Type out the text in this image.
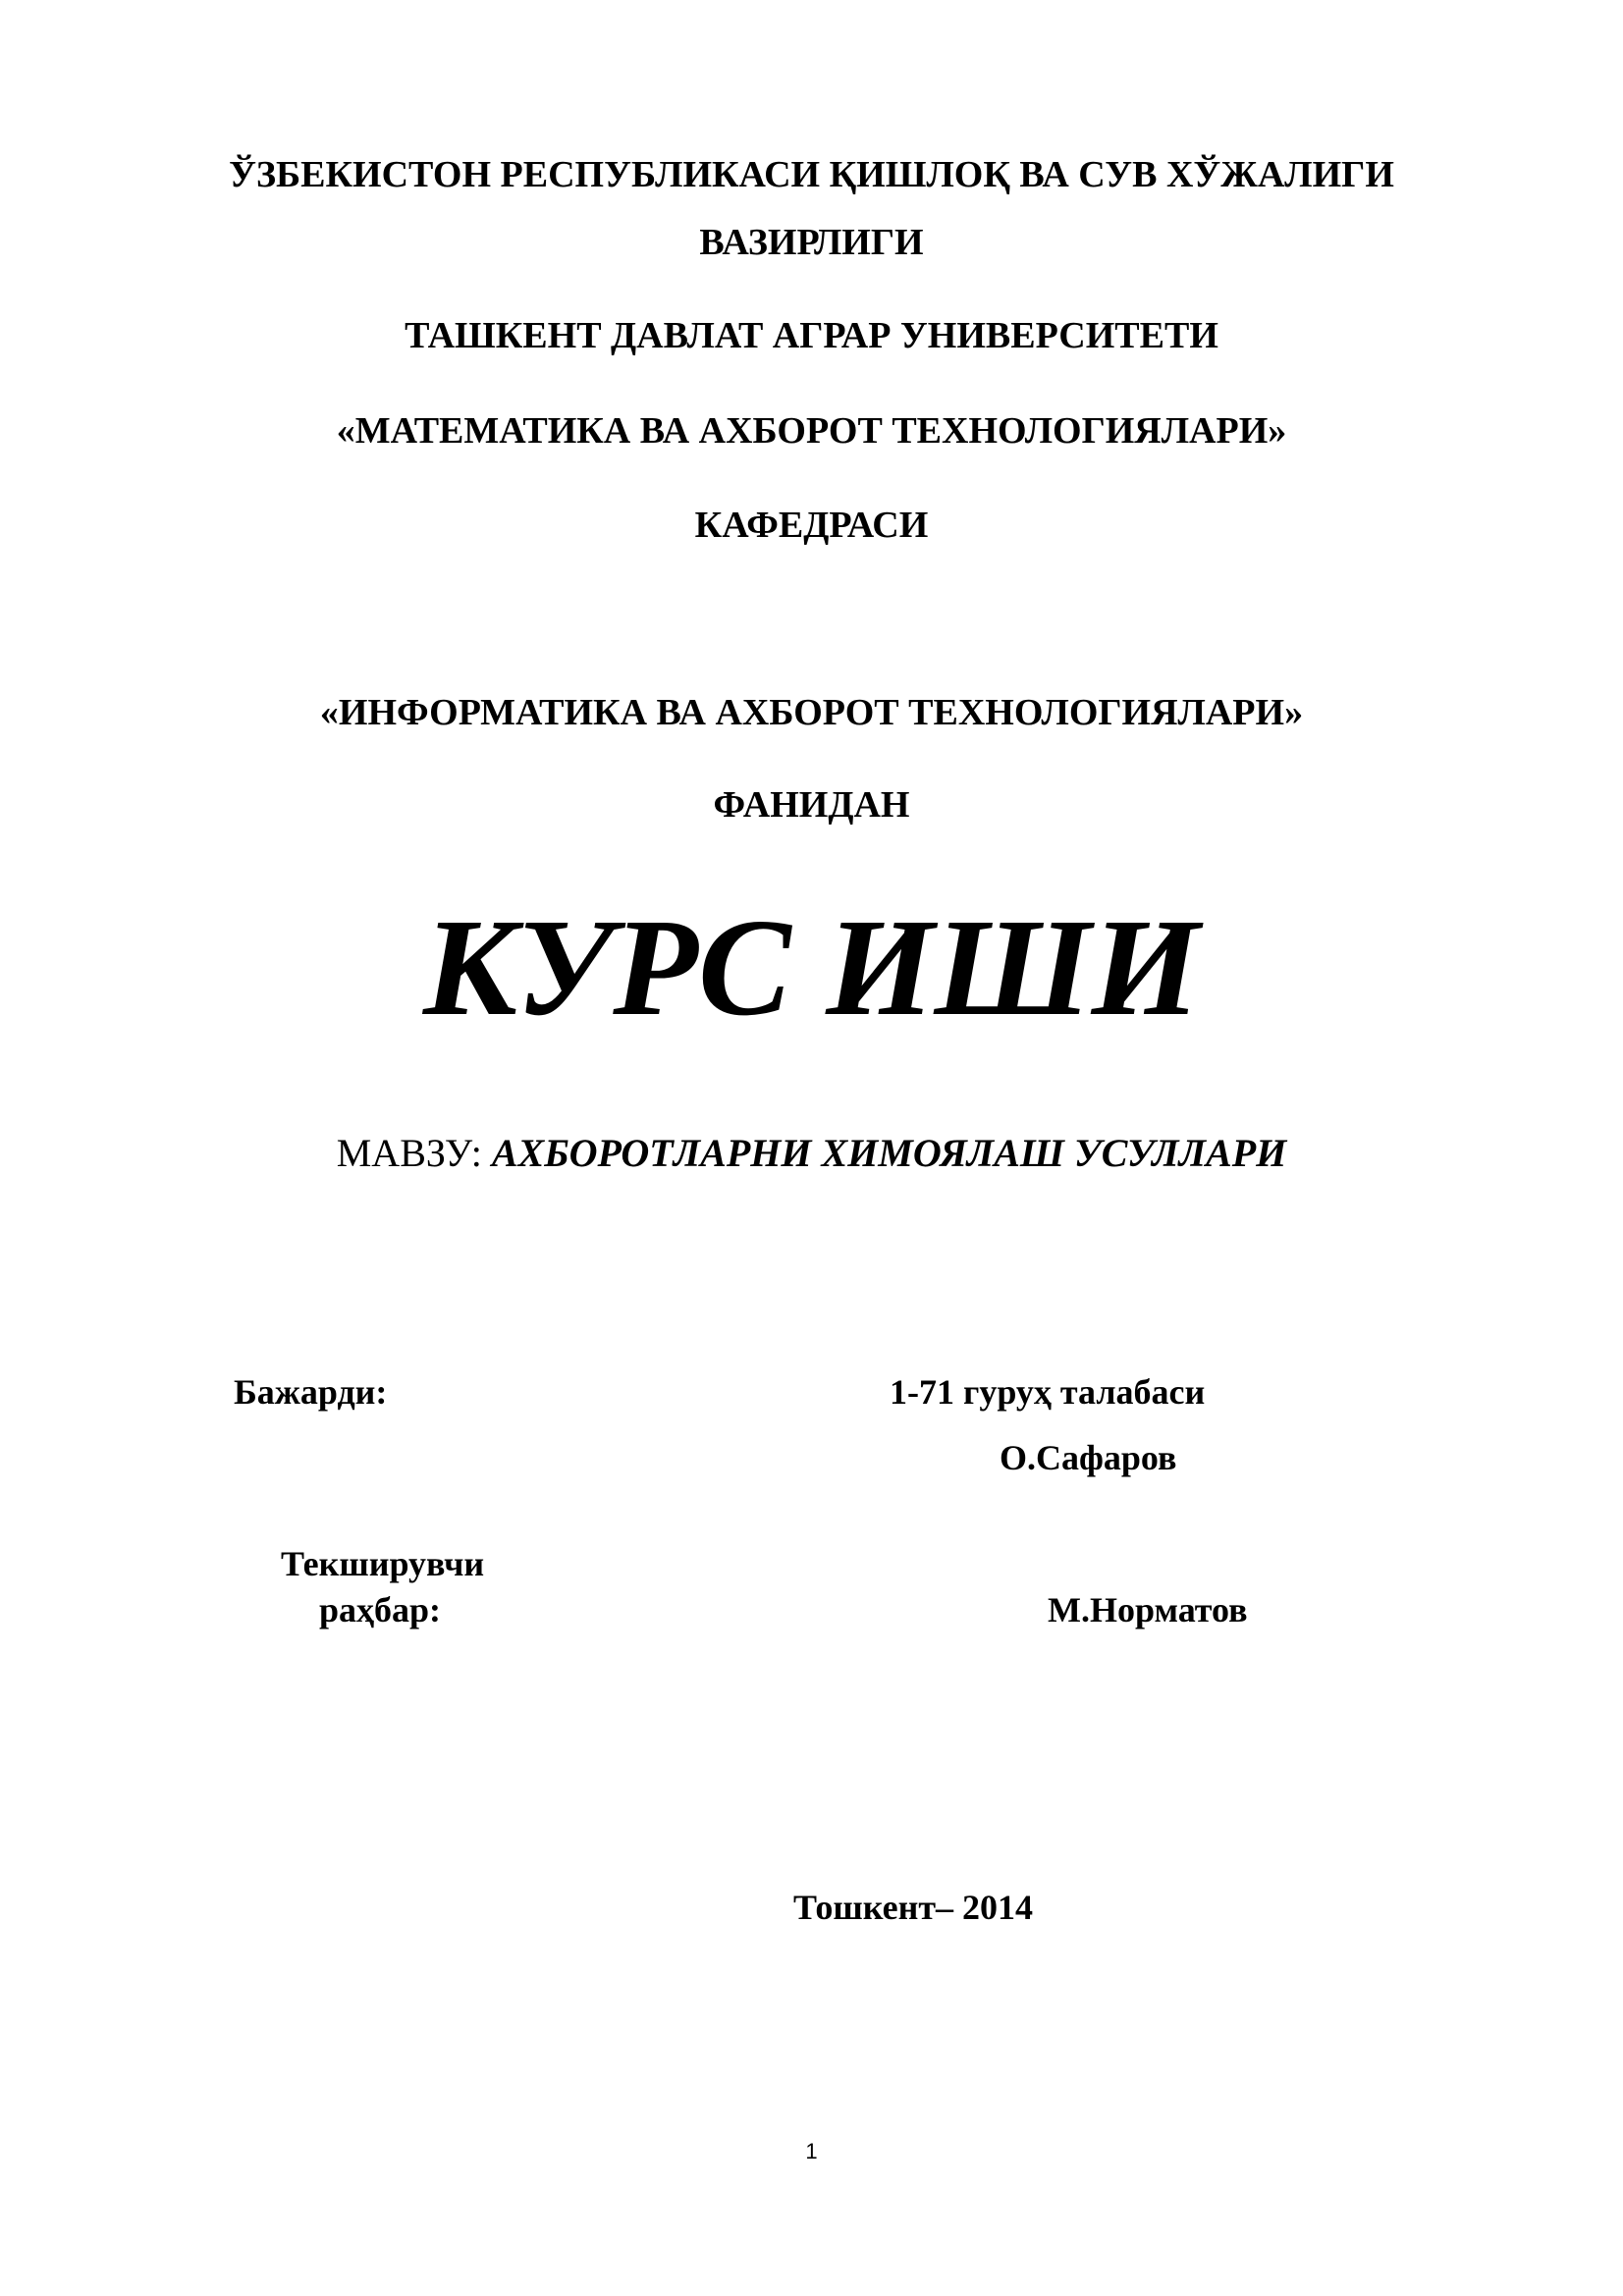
ЎЗБЕКИСТОН РЕСПУБЛИКАСИ ҚИШЛОҚ ВА СУВ ХЎЖАЛИГИ
ВАЗИРЛИГИ
ТАШКЕНТ ДАВЛАТ АГРАР УНИВЕРСИТЕТИ
«МАТЕМАТИКА ВА АХБОРОТ ТЕХНОЛОГИЯЛАРИ»
КАФЕДРАСИ
«ИНФОРМАТИКА ВА АХБОРОТ ТЕХНОЛОГИЯЛАРИ»
ФАНИДАН
КУРС ИШИ
МАВЗУ: АХБОРОТЛАРНИ ХИМОЯЛАШ УСУЛЛАРИ
Бажарди:	1-71 гуруҳ талабаси
О.Сафаров
Текширувчи
раҳбар:	М.Норматов
Тошкент– 2014
1
